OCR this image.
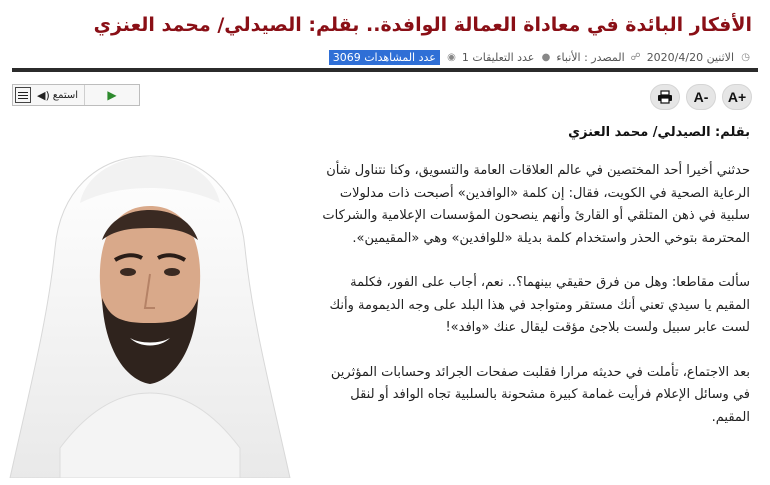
الأفكار البائدة في معاداة العمالة الوافدة.. بقلم: الصيدلي/ محمد العنزي
◷
الاثنين 2020/4/20
☍
المصدر : الأنباء
●
عدد التعليقات 1
◉
عدد المشاهدات 3069
A+
A-
◀) استمع ▶
بقلم: الصيدلي/ محمد العنزي

حدثني أخيرا أحد المختصين في عالم العلاقات العامة والتسويق، وكنا نتناول شأن الرعاية الصحية في الكويت، فقال: إن كلمة «الوافدين» أصبحت ذات مدلولات سلبية في ذهن المتلقي أو القارئ وأنهم ينصحون المؤسسات الإعلامية والشركات المحترمة بتوخي الحذر واستخدام كلمة بديلة «للوافدين» وهي «المقيمين».

سألت مقاطعا: وهل من فرق حقيقي بينهما؟.. نعم، أجاب على الفور، فكلمة المقيم يا سيدي تعني أنك مستقر ومتواجد في هذا البلد على وجه الديمومة وأنك لست عابر سبيل ولست بلاجئ مؤقت ليقال عنك «وافد»!

بعد الاجتماع، تأملت في حديثه مرارا فقلبت صفحات الجرائد وحسابات المؤثرين في وسائل الإعلام فرأيت غمامة كبيرة مشحونة بالسلبية تجاه الوافد أو لنقل المقيم.
